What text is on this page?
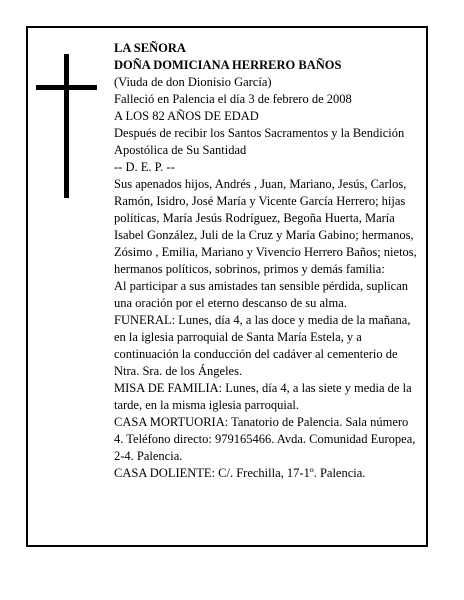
LA SEÑORA

DOÑA DOMICIANA HERRERO BAÑOS

(Viuda de don Dionisio García)

Falleció en Palencia el día 3 de febrero de 2008

A LOS 82 AÑOS DE EDAD

Después de recibir los Santos Sacramentos y la Bendición Apostólica de Su Santidad

-- D. E. P. --

Sus apenados hijos, Andrés , Juan, Mariano, Jesús, Carlos, Ramón, Isidro, José María y Vicente García Herrero; hijas políticas, María Jesús Rodríguez, Begoña Huerta, María Isabel González, Juli de la Cruz y María Gabino; hermanos, Zósimo , Emilia, Mariano y Vivencio Herrero Baños; nietos, hermanos políticos, sobrinos, primos y demás familia:

Al participar a sus amistades tan sensible pérdida, suplican una oración por el eterno descanso de su alma.

FUNERAL: Lunes, día 4, a las doce y media de la mañana, en la iglesia parroquial de Santa María Estela, y a continuación la conducción del cadáver al cementerio de Ntra. Sra. de los Ángeles.

MISA DE FAMILIA: Lunes, día 4, a las siete y media de la tarde, en la misma iglesia parroquial.

CASA MORTUORIA: Tanatorio de Palencia. Sala número 4. Teléfono directo: 979165466. Avda. Comunidad Europea, 2-4. Palencia.

CASA DOLIENTE: C/. Frechilla, 17-1º. Palencia.
